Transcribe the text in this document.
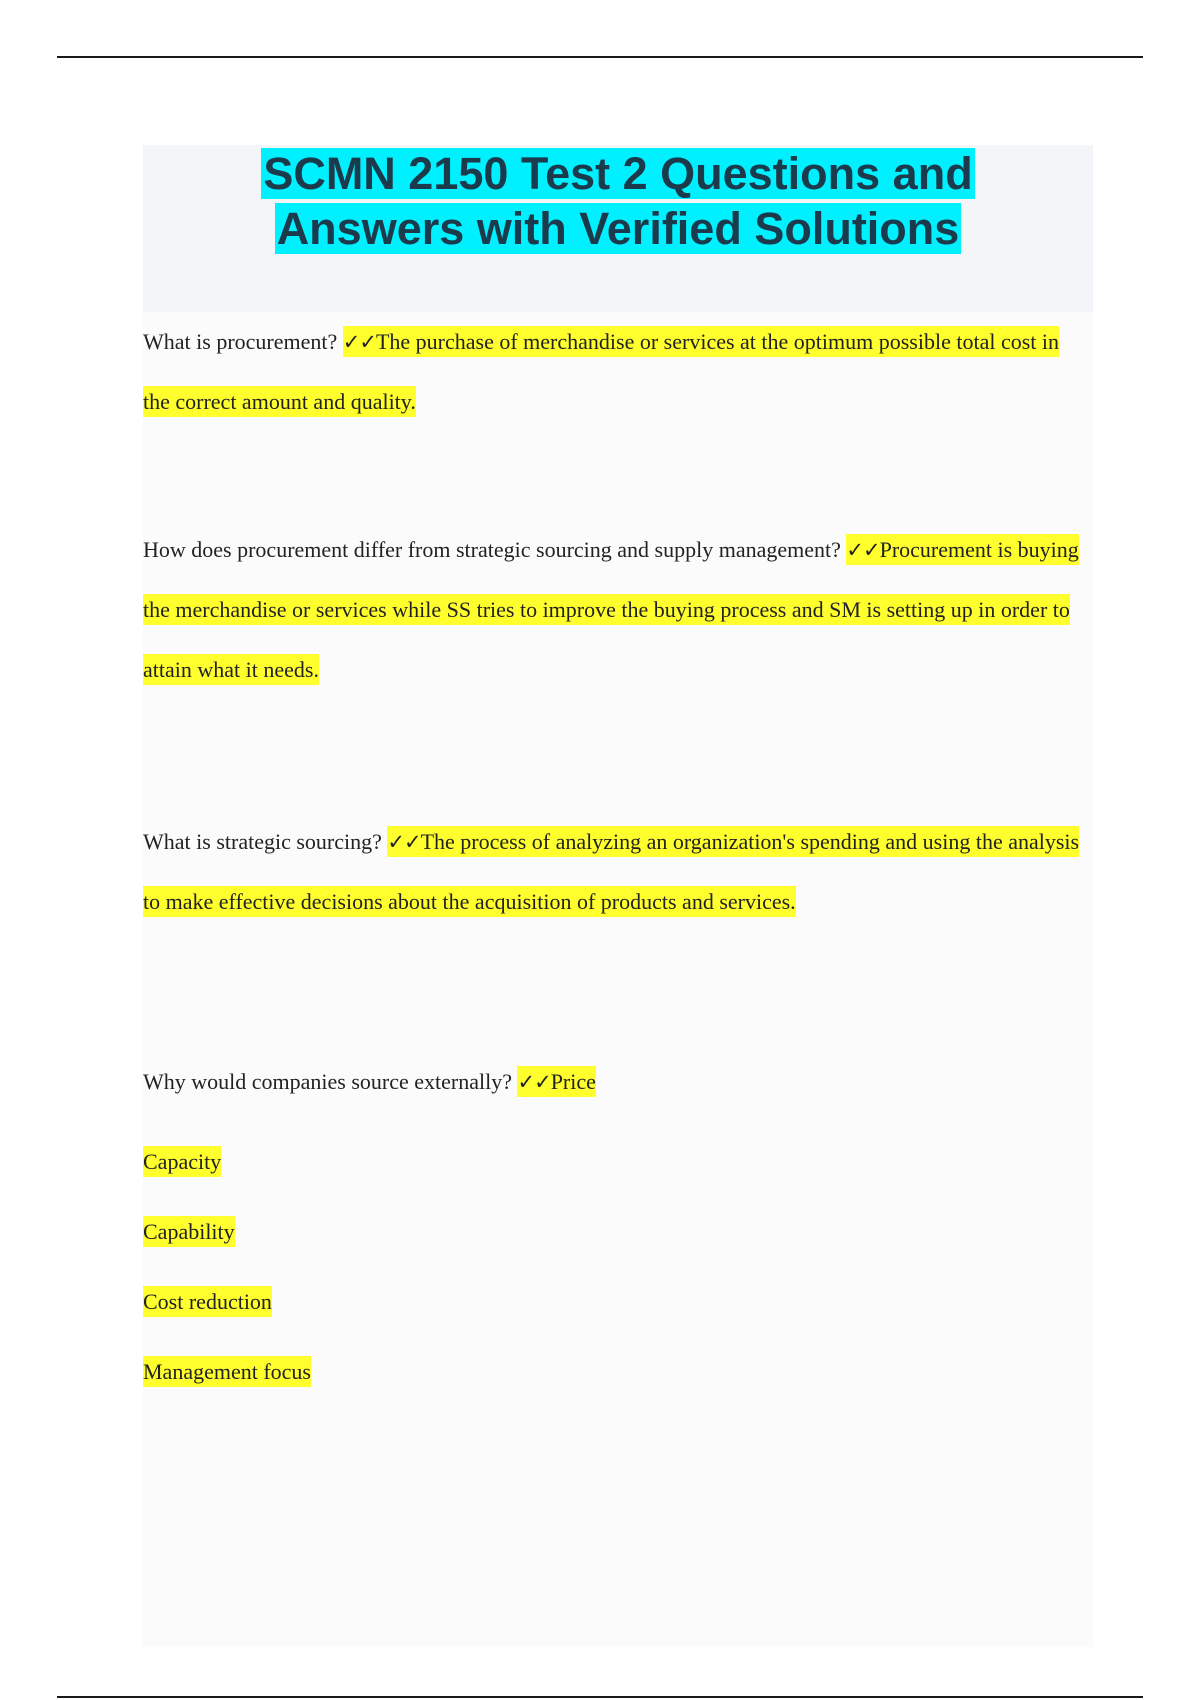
SCMN 2150 Test 2 Questions and Answers with Verified Solutions

What is procurement? ✓✓The purchase of merchandise or services at the optimum possible total cost in the correct amount and quality.

How does procurement differ from strategic sourcing and supply management? ✓✓Procurement is buying the merchandise or services while SS tries to improve the buying process and SM is setting up in order to attain what it needs.

What is strategic sourcing? ✓✓The process of analyzing an organization's spending and using the analysis to make effective decisions about the acquisition of products and services.

Why would companies source externally? ✓✓Price

Capacity
Capability
Cost reduction
Management focus
